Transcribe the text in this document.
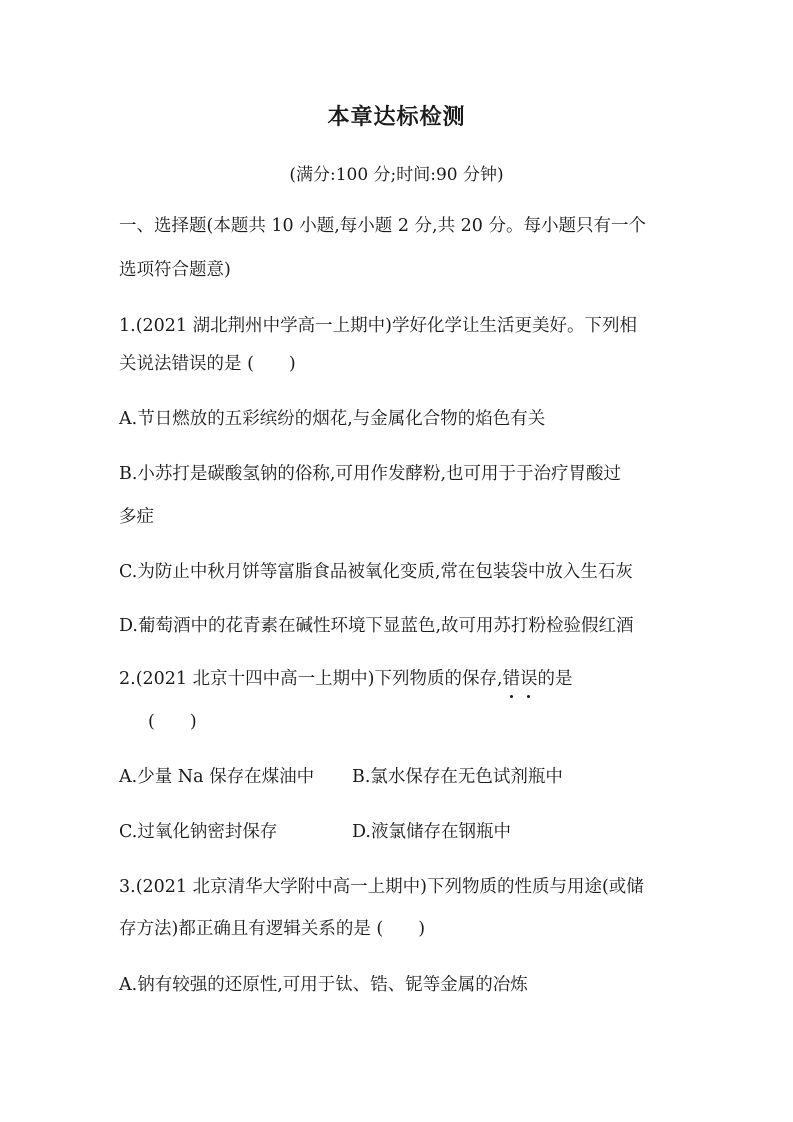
本章达标检测
(满分:100 分;时间:90 分钟)
一、选择题(本题共 10 小题,每小题 2 分,共 20 分。每小题只有一个
选项符合题意)
1.(2021 湖北荆州中学高一上期中)学好化学让生活更美好。下列相
关说法错误的是 (　　)
A.节日燃放的五彩缤纷的烟花,与金属化合物的焰色有关
B.小苏打是碳酸氢钠的俗称,可用作发酵粉,也可用于于治疗胃酸过
多症
C.为防止中秋月饼等富脂食品被氧化变质,常在包装袋中放入生石灰
D.葡萄酒中的花青素在碱性环境下显蓝色,故可用苏打粉检验假红酒
2.(2021 北京十四中高一上期中)下列物质的保存,错误的是
(　　)
A.少量 Na 保存在煤油中 B.氯水保存在无色试剂瓶中
C.过氧化钠密封保存	D.液氯储存在钢瓶中
3.(2021 北京清华大学附中高一上期中)下列物质的性质与用途(或储
存方法)都正确且有逻辑关系的是 (　　)
A.钠有较强的还原性,可用于钛、锆、铌等金属的冶炼
